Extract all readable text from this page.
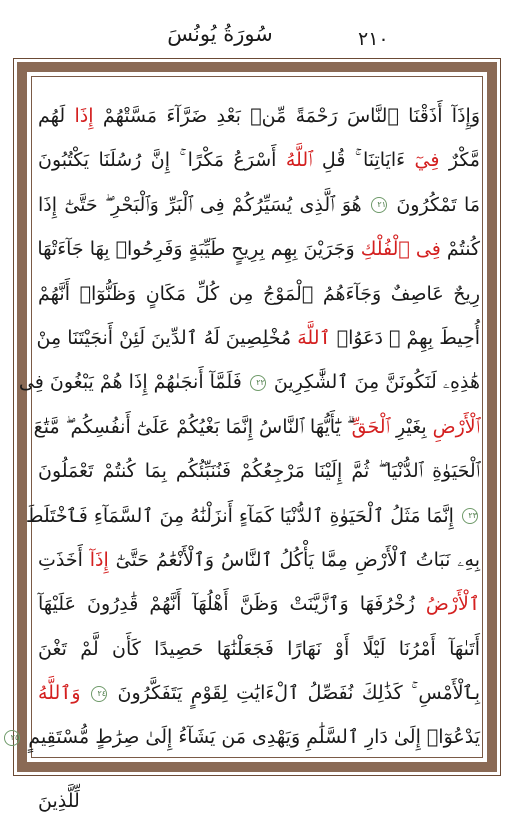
٢١٠
سُورَةُ يُونُسَ
وَإِذَآ أَذَقْنَا ٱلنَّاسَ رَحْمَةً مِّنۢ بَعْدِ ضَرَّآءَ مَسَّتْهُمْ إِذَا لَهُم
مَّكْرٌ فِيٓ ءَايَاتِنَا ۚ قُلِ ٱللَّهُ أَسْرَعُ مَكْرًا ۚ إِنَّ رُسُلَنَا يَكْتُبُونَ
مَا تَمْكُرُونَ ٢١ هُوَ ٱلَّذِى يُسَيِّرُكُمْ فِى ٱلْبَرِّ وَٱلْبَحْرِ ۖ حَتَّىٰٓ إِذَا
كُنتُمْ فِى ٱلْفُلْكِ وَجَرَيْنَ بِهِم بِرِيحٍ طَيِّبَةٍ وَفَرِحُوا۟ بِهَا جَآءَتْهَا
رِيحٌ عَاصِفٌ وَجَآءَهُمُ ٱلْمَوْجُ مِن كُلِّ مَكَانٍ وَظَنُّوٓا۟ أَنَّهُمْ
أُحِيطَ بِهِمْ ۙ دَعَوُا۟ ٱللَّهَ مُخْلِصِينَ لَهُ ٱلدِّينَ لَئِنْ أَنجَيْتَنَا مِنْ
هَٰذِهِۦ لَنَكُونَنَّ مِنَ ٱلشَّٰكِرِينَ ٢٢ فَلَمَّآ أَنجَىٰهُمْ إِذَا هُمْ يَبْغُونَ فِى
ٱلْأَرْضِ بِغَيْرِ ٱلْحَقِّ ۗ يَٰٓأَيُّهَا ٱلنَّاسُ إِنَّمَا بَغْيُكُمْ عَلَىٰٓ أَنفُسِكُم ۖ مَّتَٰعَ
ٱلْحَيَوٰةِ ٱلدُّنْيَا ۖ ثُمَّ إِلَيْنَا مَرْجِعُكُمْ فَنُنَبِّئُكُم بِمَا كُنتُمْ تَعْمَلُونَ
٢٣ إِنَّمَا مَثَلُ ٱلْحَيَوٰةِ ٱلدُّنْيَا كَمَآءٍ أَنزَلْنَٰهُ مِنَ ٱلسَّمَآءِ فَٱخْتَلَطَ
بِهِۦ نَبَاتُ ٱلْأَرْضِ مِمَّا يَأْكُلُ ٱلنَّاسُ وَٱلْأَنْعَٰمُ حَتَّىٰٓ إِذَآ أَخَذَتِ
ٱلْأَرْضُ زُخْرُفَهَا وَٱزَّيَّنَتْ وَظَنَّ أَهْلُهَآ أَنَّهُمْ قَٰدِرُونَ عَلَيْهَآ
أَتَىٰهَآ أَمْرُنَا لَيْلًا أَوْ نَهَارًا فَجَعَلْنَٰهَا حَصِيدًا كَأَن لَّمْ تَغْنَ
بِٱلْأَمْسِ ۚ كَذَٰلِكَ نُفَصِّلُ ٱلْءَايَٰتِ لِقَوْمٍ يَتَفَكَّرُونَ ٢٤ وَٱللَّهُ
يَدْعُوٓا۟ إِلَىٰ دَارِ ٱلسَّلَٰمِ وَيَهْدِى مَن يَشَآءُ إِلَىٰ صِرَٰطٍ مُّسْتَقِيمٍ ٢٥
لِّلَّذِينَ
